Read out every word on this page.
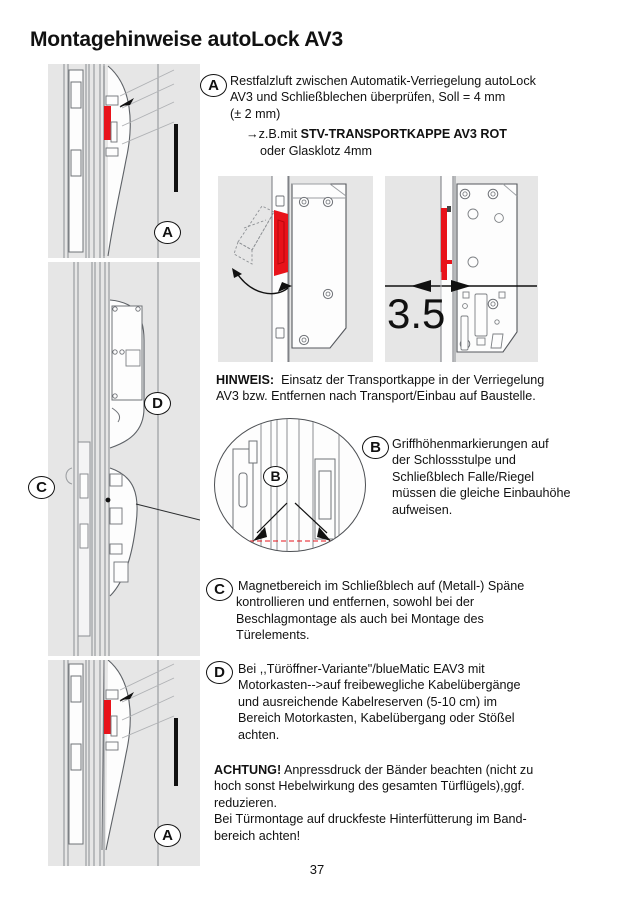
Montagehinweise autoLock AV3
A
D
C
A
A Restfalzluft zwischen Automatik-Verriegelung autoLock
AV3 und Schließblechen überprüfen, Soll = 4 mm
(± 2 mm)
→z.B.mit STV-TRANSPORTKAPPE AV3 ROT
oder Glasklotz 4mm
3.5
HINWEIS: Einsatz der Transportkappe in der Verriegelung
AV3 bzw. Entfernen nach Transport/Einbau auf Baustelle.
B
B Griffhöhenmarkierungen auf
der Schlossstulpe und
Schließblech Falle/Riegel
müssen die gleiche Einbauhöhe
aufweisen.
C	Magnetbereich im Schließblech auf (Metall-) Späne
kontrollieren und entfernen, sowohl bei der
Beschlagmontage als auch bei Montage des
Türelements.
D	Bei ,,Türöffner-Variante"/blueMatic EAV3 mit
Motorkasten-->auf freibewegliche Kabelübergänge
und ausreichende Kabelreserven (5-10 cm) im
Bereich Motorkasten, Kabelübergang oder Stößel
achten.
ACHTUNG! Anpressdruck der Bänder beachten (nicht zu
hoch sonst Hebelwirkung des gesamten Türflügels),ggf.
reduzieren.
Bei Türmontage auf druckfeste Hinterfütterung im Band-
bereich achten!
37
